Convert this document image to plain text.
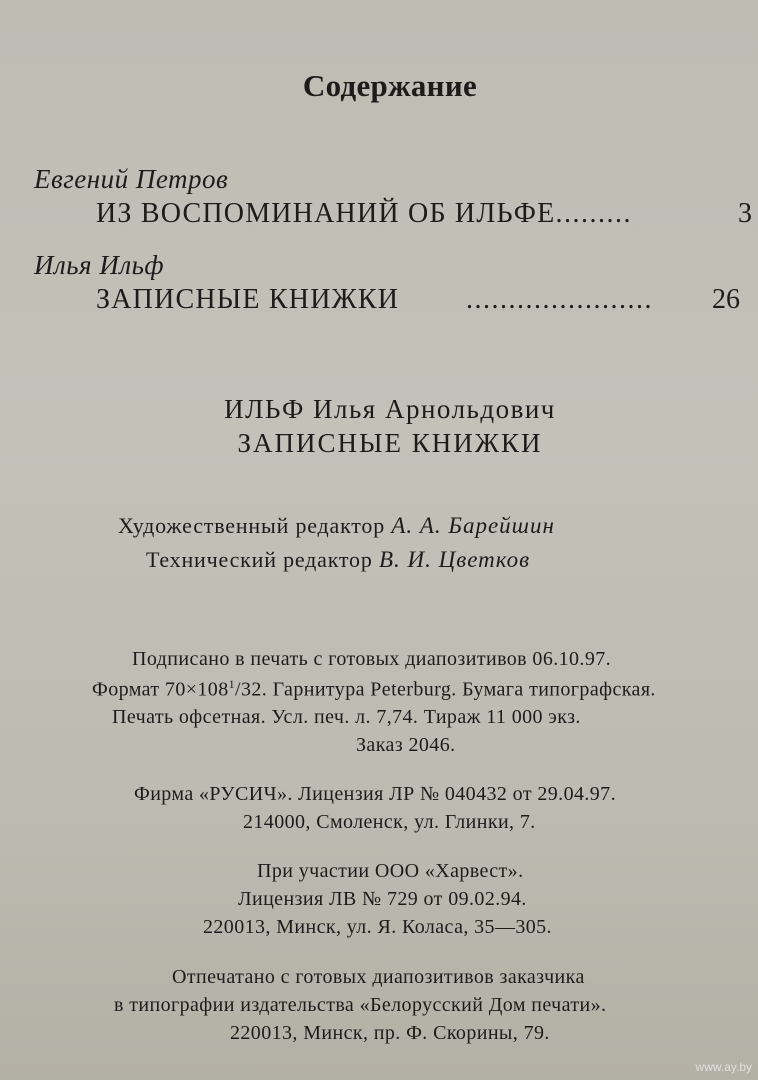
Содержание
Евгений Петров
ИЗ ВОСПОМИНАНИЙ ОБ ИЛЬФЕ.........	3
Илья Ильф
ЗАПИСНЫЕ КНИЖКИ ...................... 26
ИЛЬФ Илья Арнольдович
ЗАПИСНЫЕ КНИЖКИ
Художественный редактор А. А. Барейшин
Технический редактор В. И. Цветков
Подписано в печать с готовых диапозитивов 06.10.97.
Формат $70\times 108^1/32$. Гарнитура Peterburg. Бумага типографская.
Печать офсетная. Усл. печ. л. 7,74. Тираж 11 000 экз.
Заказ 2046.
Фирма «РУСИЧ». Лицензия ЛР № 040432 от 29.04.97.
214000, Смоленск, ул. Глинки, 7.
При участии ООО «Харвест».
Лицензия ЛВ № 729 от 09.02.94.
220013, Минск, ул. Я. Коласа, 35—305.
Отпечатано с готовых диапозитивов заказчика
в типографии издательства «Белорусский Дом печати».
220013, Минск, пр. Ф. Скорины, 79.
www.ay.by
